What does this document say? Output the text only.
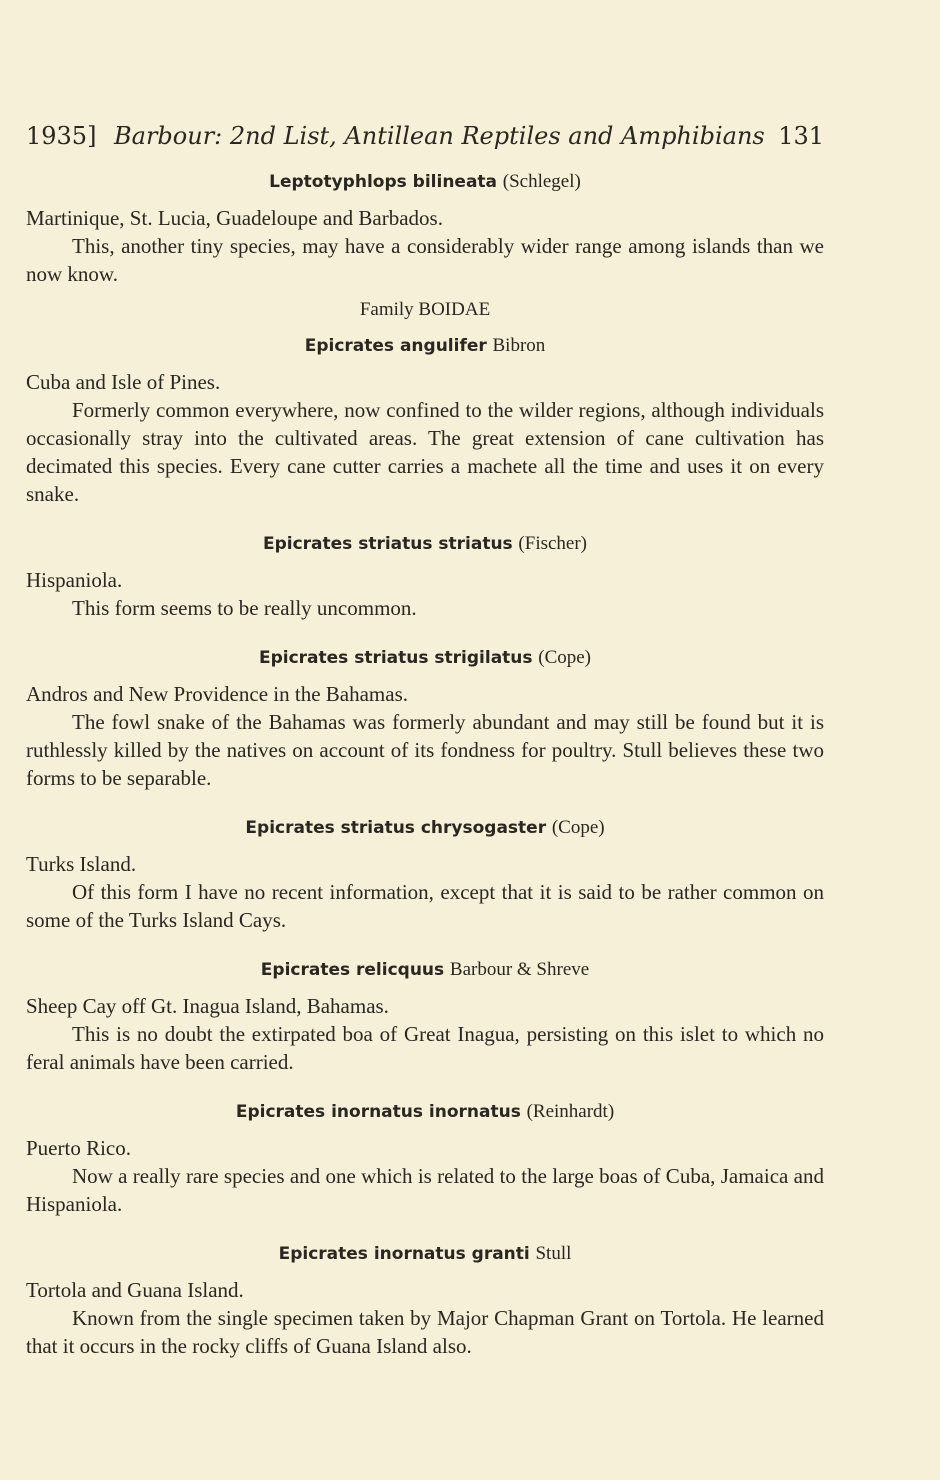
1935] Barbour: 2nd List, Antillean Reptiles and Amphibians 131

Leptotyphlops bilineata (Schlegel)

Martinique, St. Lucia, Guadeloupe and Barbados.

This, another tiny species, may have a considerably wider range among islands than we now know.

Family BOIDAE

Epicrates angulifer Bibron

Cuba and Isle of Pines.

Formerly common everywhere, now confined to the wilder regions, although individuals occasionally stray into the cultivated areas. The great extension of cane cultivation has decimated this species. Every cane cutter carries a machete all the time and uses it on every snake.

Epicrates striatus striatus (Fischer)

Hispaniola.

This form seems to be really uncommon.

Epicrates striatus strigilatus (Cope)

Andros and New Providence in the Bahamas.

The fowl snake of the Bahamas was formerly abundant and may still be found but it is ruthlessly killed by the natives on account of its fondness for poultry. Stull believes these two forms to be separable.

Epicrates striatus chrysogaster (Cope)

Turks Island.

Of this form I have no recent information, except that it is said to be rather common on some of the Turks Island Cays.

Epicrates relicquus Barbour & Shreve

Sheep Cay off Gt. Inagua Island, Bahamas.

This is no doubt the extirpated boa of Great Inagua, persisting on this islet to which no feral animals have been carried.

Epicrates inornatus inornatus (Reinhardt)

Puerto Rico.

Now a really rare species and one which is related to the large boas of Cuba, Jamaica and Hispaniola.

Epicrates inornatus granti Stull

Tortola and Guana Island.

Known from the single specimen taken by Major Chapman Grant on Tortola. He learned that it occurs in the rocky cliffs of Guana Island also.
